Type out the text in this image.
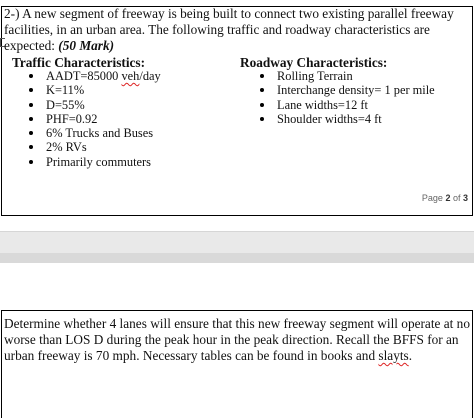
2-) A new segment of freeway is being built to connect two existing parallel freeway facilities, in an urban area. The following traffic and roadway characteristics are expected: (50 Mark)
Traffic Characteristics:
AADT=85000 veh/day
K=11%
D=55%
PHF=0.92
6% Trucks and Buses
2% RVs
Primarily commuters
Roadway Characteristics:
Rolling Terrain
Interchange density= 1 per mile
Lane widths=12 ft
Shoulder widths=4 ft
Page 2 of 3
Determine whether 4 lanes will ensure that this new freeway segment will operate at no worse than LOS D during the peak hour in the peak direction. Recall the BFFS for an urban freeway is 70 mph. Necessary tables can be found in books and slayts.
